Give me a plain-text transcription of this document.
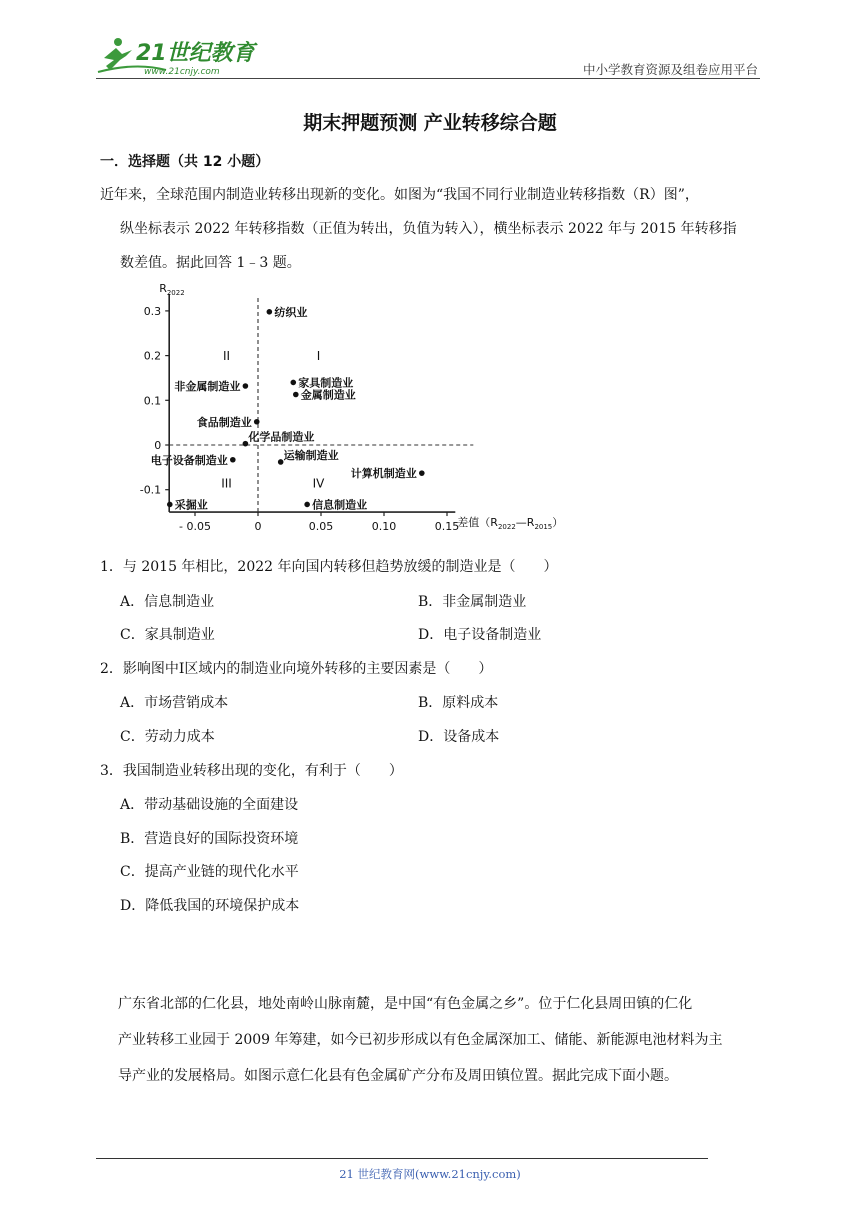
21世纪教育
www.21cnjy.com	中小学教育资源及组卷应用平台
期末押题预测 产业转移综合题
一．选择题（共 12 小题）
近年来，全球范围内制造业转移出现新的变化。如图为“我国不同行业制造业转移指数（R）图”，
纵坐标表示 2022 年转移指数（正值为转出，负值为转入），横坐标表示 2022 年与 2015 年转移指
数差值。据此回答 1﹣3 题。
0.3
0.2
0.1
0
-0.1
- 0.05	0	0.05	0.10	0.15
$R_{2022}$
差值$(R_{2022}—R_{2015})$
II	I
III	IV
纺织业
非金属制造业	家具制造业
金属制造业
食品制造业
化学品制造业
电子设备制造业	运输制造业
计算机制造业
采掘业	信息制造业
1．与 2015 年相比，2022 年向国内转移但趋势放缓的制造业是（　　）
A．信息制造业	B．非金属制造业
C．家具制造业	D．电子设备制造业
2．影响图中Ⅰ区域内的制造业向境外转移的主要因素是（　　）
A．市场营销成本	B．原料成本
C．劳动力成本	D．设备成本
3．我国制造业转移出现的变化，有利于（　　）
A．带动基础设施的全面建设
B．营造良好的国际投资环境
C．提高产业链的现代化水平
D．降低我国的环境保护成本
广东省北部的仁化县，地处南岭山脉南麓，是中国“有色金属之乡”。位于仁化县周田镇的仁化
产业转移工业园于 2009 年筹建，如今已初步形成以有色金属深加工、储能、新能源电池材料为主
导产业的发展格局。如图示意仁化县有色金属矿产分布及周田镇位置。据此完成下面小题。
21 世纪教育网(www.21cnjy.com)
